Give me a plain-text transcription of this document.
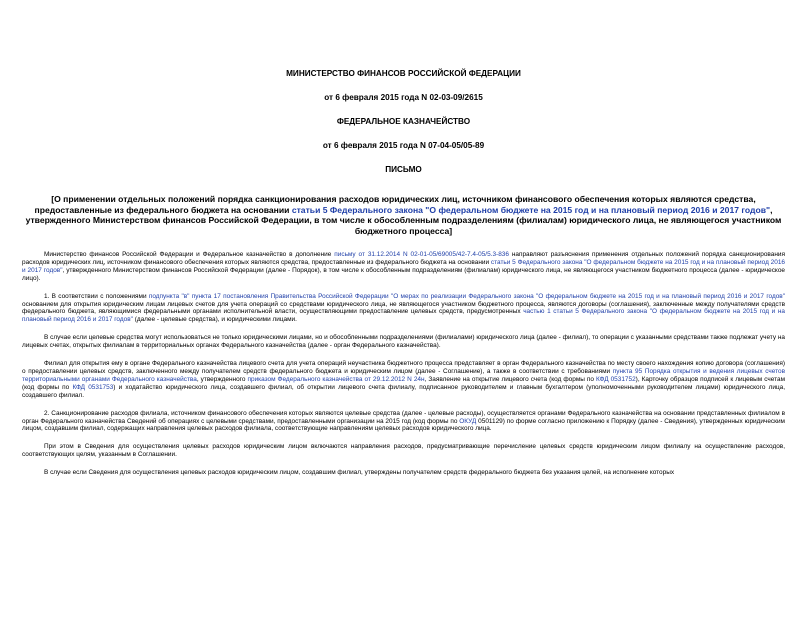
МИНИСТЕРСТВО ФИНАНСОВ РОССИЙСКОЙ ФЕДЕРАЦИИ
от 6 февраля 2015 года N 02-03-09/2615
ФЕДЕРАЛЬНОЕ КАЗНАЧЕЙСТВО
от 6 февраля 2015 года N 07-04-05/05-89
ПИСЬМО
[О применении отдельных положений порядка санкционирования расходов юридических лиц, источником финансового обеспечения которых являются средства, предоставленные из федерального бюджета на основании статьи 5 Федерального закона "О федеральном бюджете на 2015 год и на плановый период 2016 и 2017 годов", утвержденного Министерством финансов Российской Федерации, в том числе к обособленным подразделениям (филиалам) юридического лица, не являющегося участником бюджетного процесса]

Министерство финансов Российской Федерации и Федеральное казначейство в дополнение письму от 31.12.2014 N 02-01-05/69005/42-7.4-05/5.3-836 направляют разъяснения применения отдельных положений порядка санкционирования расходов юридических лиц, источником финансового обеспечения которых являются средства, предоставленные из федерального бюджета на основании статьи 5 Федерального закона "О федеральном бюджете на 2015 год и на плановый период 2016 и 2017 годов", утвержденного Министерством финансов Российской Федерации (далее - Порядок), в том числе к обособленным подразделениям (филиалам) юридического лица, не являющегося участником бюджетного процесса (далее - юридическое лицо).

1. В соответствии с положениями подпункта "в" пункта 17 постановления Правительства Российской Федерации "О мерах по реализации Федерального закона "О федеральном бюджете на 2015 год и на плановый период 2016 и 2017 годов" основанием для открытия юридическим лицам лицевых счетов для учета операций со средствами юридического лица, не являющегося участником бюджетного процесса, являются договоры (соглашения), заключенные между получателями средств федерального бюджета, являющимися федеральными органами исполнительной власти, осуществляющими предоставление целевых средств, предусмотренных частью 1 статьи 5 Федерального закона "О федеральном бюджете на 2015 год и на плановый период 2016 и 2017 годов" (далее - целевые средства), и юридическими лицами.

В случае если целевые средства могут использоваться не только юридическими лицами, но и обособленными подразделениями (филиалами) юридического лица (далее - филиал), то операции с указанными средствами также подлежат учету на лицевых счетах, открытых филиалам в территориальных органах Федерального казначейства (далее - орган Федерального казначейства).

Филиал для открытия ему в органе Федерального казначейства лицевого счета для учета операций неучастника бюджетного процесса представляет в орган Федерального казначейства по месту своего нахождения копию договора (соглашения) о предоставлении целевых средств, заключенного между получателем средств федерального бюджета и юридическим лицом (далее - Соглашение), а также в соответствии с требованиями пункта 95 Порядка открытия и ведения лицевых счетов территориальными органами Федерального казначейства, утвержденного приказом Федерального казначейства от 29.12.2012 N 24н, Заявление на открытие лицевого счета (код формы по КФД 0531752), Карточку образцов подписей к лицевым счетам (код формы по КФД 0531753) и ходатайство юридического лица, создавшего филиал, об открытии лицевого счета филиалу, подписанное руководителем и главным бухгалтером (уполномоченными руководителем лицами) юридического лица, создавшего филиал.

2. Санкционирование расходов филиала, источником финансового обеспечения которых являются целевые средства (далее - целевые расходы), осуществляется органами Федерального казначейства на основании представленных филиалом в орган Федерального казначейства Сведений об операциях с целевыми средствами, предоставленными организации на 2015 год (код формы по ОКУД 0501129) по форме согласно приложению к Порядку (далее - Сведения), утвержденных юридическим лицом, создавшим филиал, содержащих направления целевых расходов филиала, соответствующие направлениям целевых расходов юридического лица.

При этом в Сведения для осуществления целевых расходов юридическим лицом включаются направления расходов, предусматривающие перечисление целевых средств юридическим лицом филиалу на осуществление расходов, соответствующих целям, указанным в Соглашении.

В случае если Сведения для осуществления целевых расходов юридическим лицом, создавшим филиал, утверждены получателем средств федерального бюджета без указания целей, на исполнение которых
